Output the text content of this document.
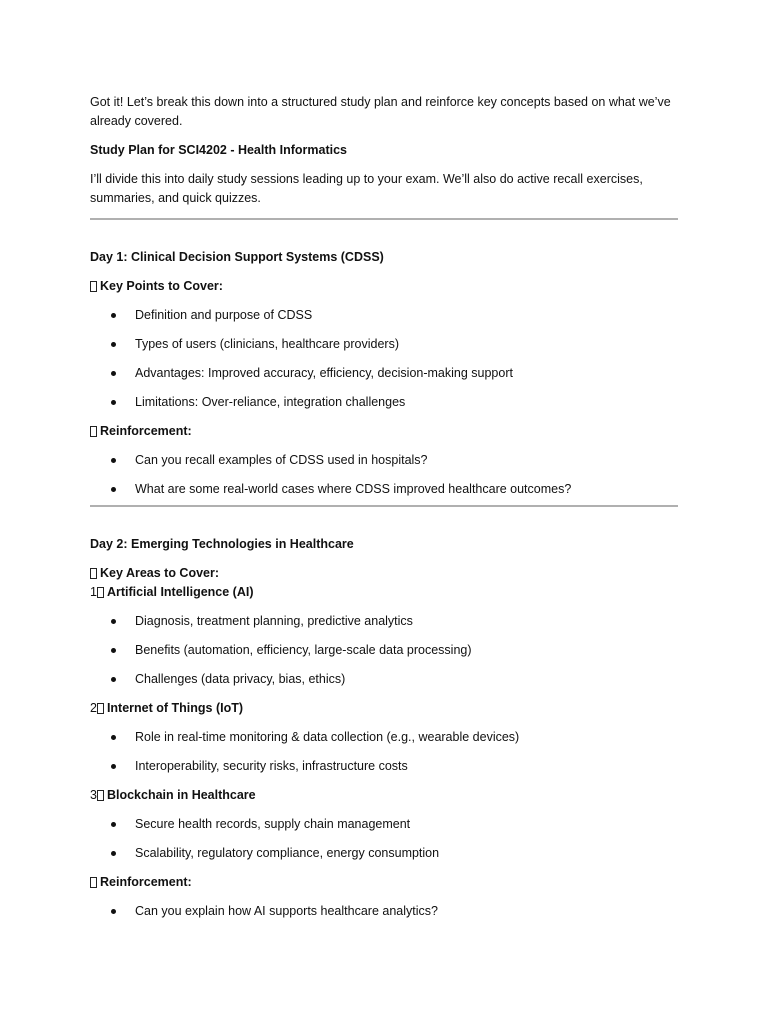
Got it! Let’s break this down into a structured study plan and reinforce key concepts based on what we’ve already covered.

Study Plan for SCI4202 - Health Informatics

I’ll divide this into daily study sessions leading up to your exam. We’ll also do active recall exercises, summaries, and quick quizzes.

Day 1: Clinical Decision Support Systems (CDSS)

Key Points to Cover:

Definition and purpose of CDSS
Types of users (clinicians, healthcare providers)
Advantages: Improved accuracy, efficiency, decision-making support
Limitations: Over-reliance, integration challenges

Reinforcement:

Can you recall examples of CDSS used in hospitals?
What are some real-world cases where CDSS improved healthcare outcomes?

Day 2: Emerging Technologies in Healthcare

Key Areas to Cover:

1 Artificial Intelligence (AI)

Diagnosis, treatment planning, predictive analytics
Benefits (automation, efficiency, large-scale data processing)
Challenges (data privacy, bias, ethics)

2 Internet of Things (IoT)

Role in real-time monitoring & data collection (e.g., wearable devices)
Interoperability, security risks, infrastructure costs

3 Blockchain in Healthcare

Secure health records, supply chain management
Scalability, regulatory compliance, energy consumption

Reinforcement:

Can you explain how AI supports healthcare analytics?
